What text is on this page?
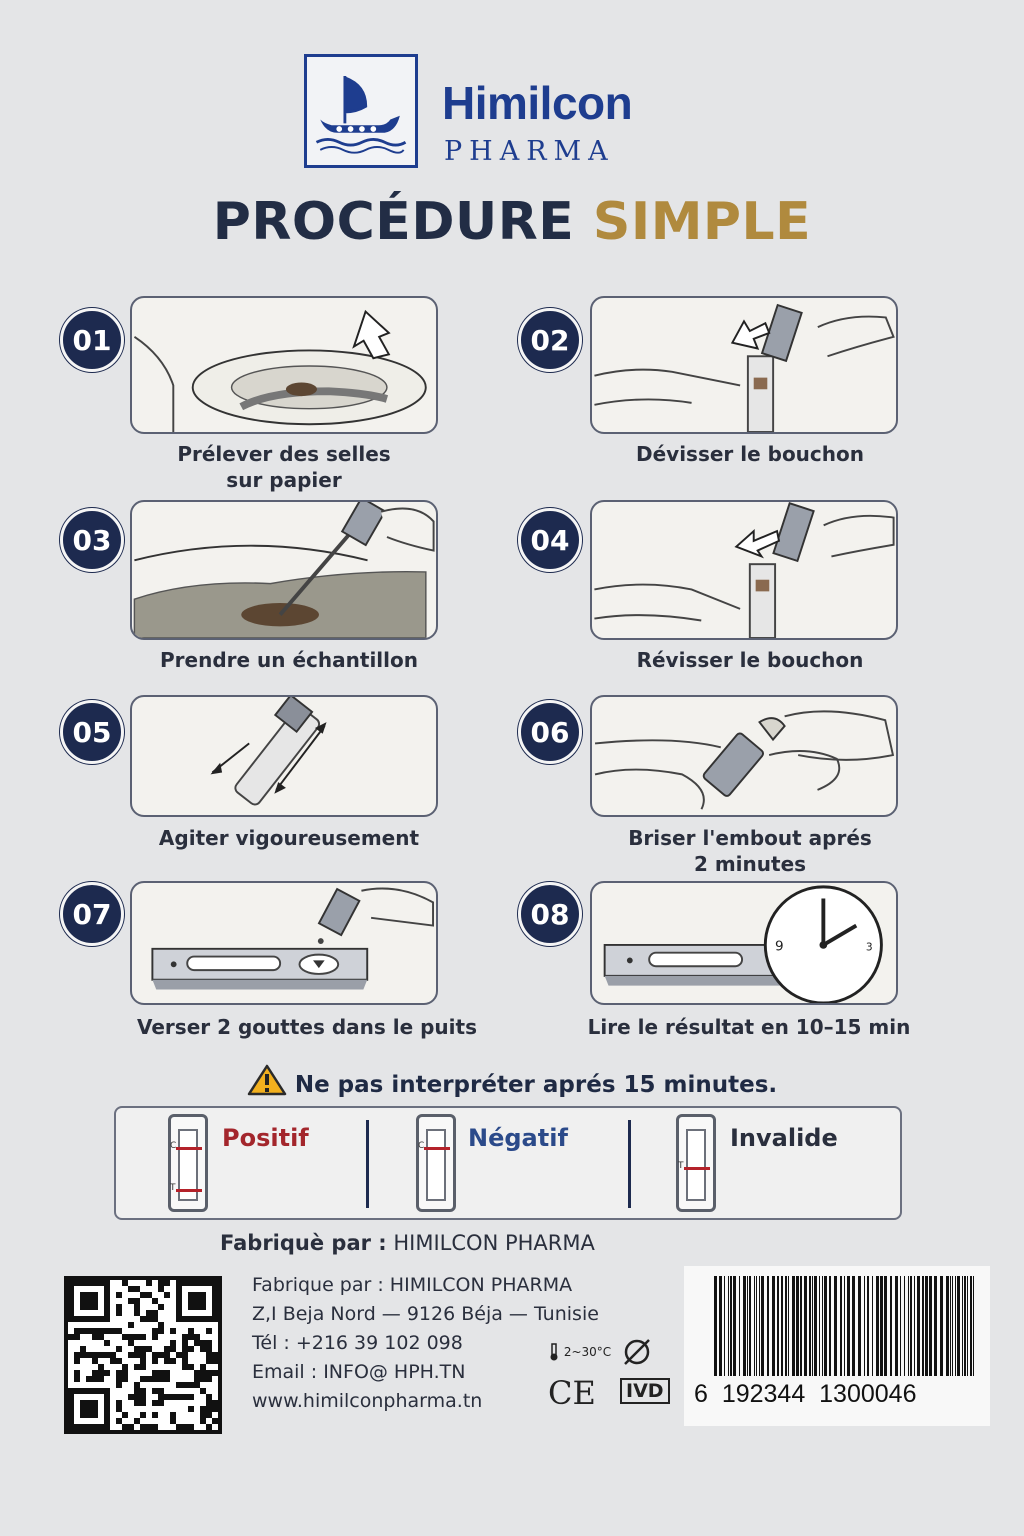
Himilcon
PHARMA
PROCÉDURE SIMPLE
01
Prélever des selles
sur papier
02
Dévisser le bouchon
03
Prendre un échantillon
04
Révisser le bouchon
05
Agiter vigoureusement
06
Briser l'embout aprés
2 minutes
07
Verser 2 gouttes dans le puits
08
9	3
Lire le résultat en 10–15 min
Ne pas interpréter aprés 15 minutes.
C
T
Positif	C Négatif
T
Invalide
Fabriquè par : HIMILCON PHARMA
Fabrique par : HIMILCON PHARMA
Z,I Beja Nord — 9126 Béja — Tunisie
Tél : +216 39 102 098
Email : INFO@ HPH.TN
www.himilconpharma.tn
2~30°C
CE	IVD 6 192344 1300046
